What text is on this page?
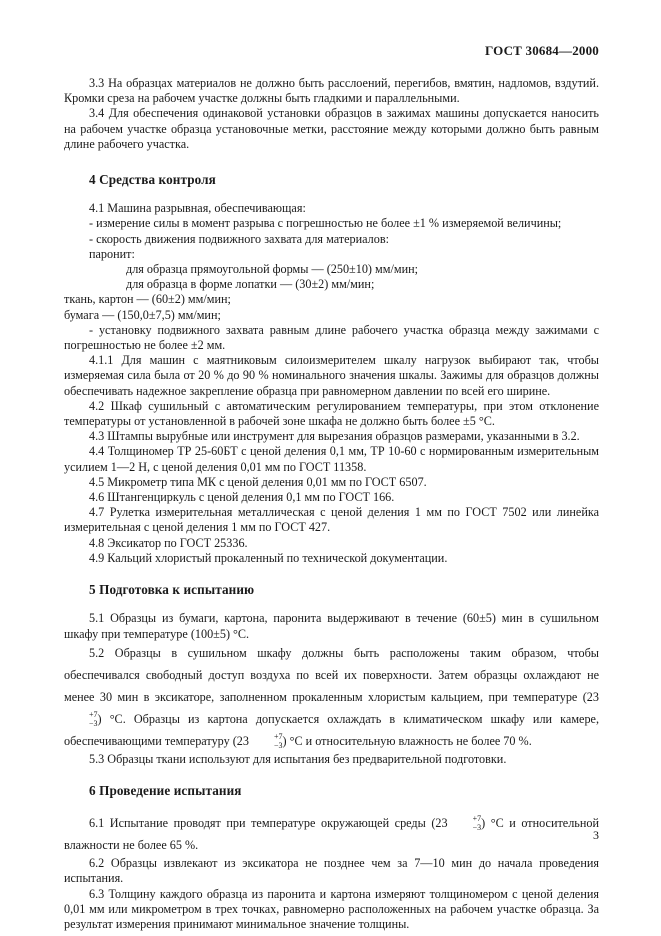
ГОСТ 30684—2000

3.3 На образцах материалов не должно быть расслоений, перегибов, вмятин, надломов, вздутий. Кромки среза на рабочем участке должны быть гладкими и параллельными.

3.4 Для обеспечения одинаковой установки образцов в зажимах машины допускается наносить на рабочем участке образца установочные метки, расстояние между которыми должно быть равным длине рабочего участка.

4 Средства контроля

4.1 Машина разрывная, обеспечивающая:

- измерение силы в момент разрыва с погрешностью не более ±1 % измеряемой величины;

- скорость движения подвижного захвата для материалов:

паронит:

для образца прямоугольной формы — (250±10) мм/мин;

для образца в форме лопатки — (30±2) мм/мин;

ткань, картон — (60±2) мм/мин;

бумага — (150,0±7,5) мм/мин;

- установку подвижного захвата равным длине рабочего участка образца между зажимами с погрешностью не более ±2 мм.

4.1.1 Для машин с маятниковым силоизмерителем шкалу нагрузок выбирают так, чтобы измеряемая сила была от 20 % до 90 % номинального значения шкалы. Зажимы для образцов должны обеспечивать надежное закрепление образца при равномерном давлении по всей его ширине.

4.2 Шкаф сушильный с автоматическим регулированием температуры, при этом отклонение температуры от установленной в рабочей зоне шкафа не должно быть более ±5 °С.

4.3 Штампы вырубные или инструмент для вырезания образцов размерами, указанными в 3.2.

4.4 Толщиномер ТР 25-60БТ с ценой деления 0,1 мм, ТР 10-60 с нормированным измерительным усилием 1—2 Н, с ценой деления 0,01 мм по ГОСТ 11358.

4.5 Микрометр типа МК с ценой деления 0,01 мм по ГОСТ 6507.

4.6 Штангенциркуль с ценой деления 0,1 мм по ГОСТ 166.

4.7 Рулетка измерительная металлическая с ценой деления 1 мм по ГОСТ 7502 или линейка измерительная с ценой деления 1 мм по ГОСТ 427.

4.8 Эксикатор по ГОСТ 25336.

4.9 Кальций хлористый прокаленный по технической документации.

5 Подготовка к испытанию

5.1 Образцы из бумаги, картона, паронита выдерживают в течение (60±5) мин в сушильном шкафу при температуре (100±5) °С.

5.2 Образцы в сушильном шкафу должны быть расположены таким образом, чтобы обеспечивался свободный доступ воздуха по всей их поверхности. Затем образцы охлаждают не менее 30 мин в эксикаторе, заполненном прокаленным хлористым кальцием, при температуре (23
+7
−3 ) °С. Образцы из картона допускается охлаждать в климатическом шкафу или камере, обеспечивающими температуру (23	+7
−3 ) °С и относительную влажность не более 70 %.

5.3 Образцы ткани используют для испытания без предварительной подготовки.

6 Проведение испытания

6.1 Испытание проводят при температуре окружающей среды (23	+7
−3 ) °С и относительной влажности не более 65 %.

6.2 Образцы извлекают из эксикатора не позднее чем за 7—10 мин до начала проведения испытания.

6.3 Толщину каждого образца из паронита и картона измеряют толщиномером с ценой деления 0,01 мм или микрометром в трех точках, равномерно расположенных на рабочем участке образца. За результат измерения принимают минимальное значение толщины.

3
